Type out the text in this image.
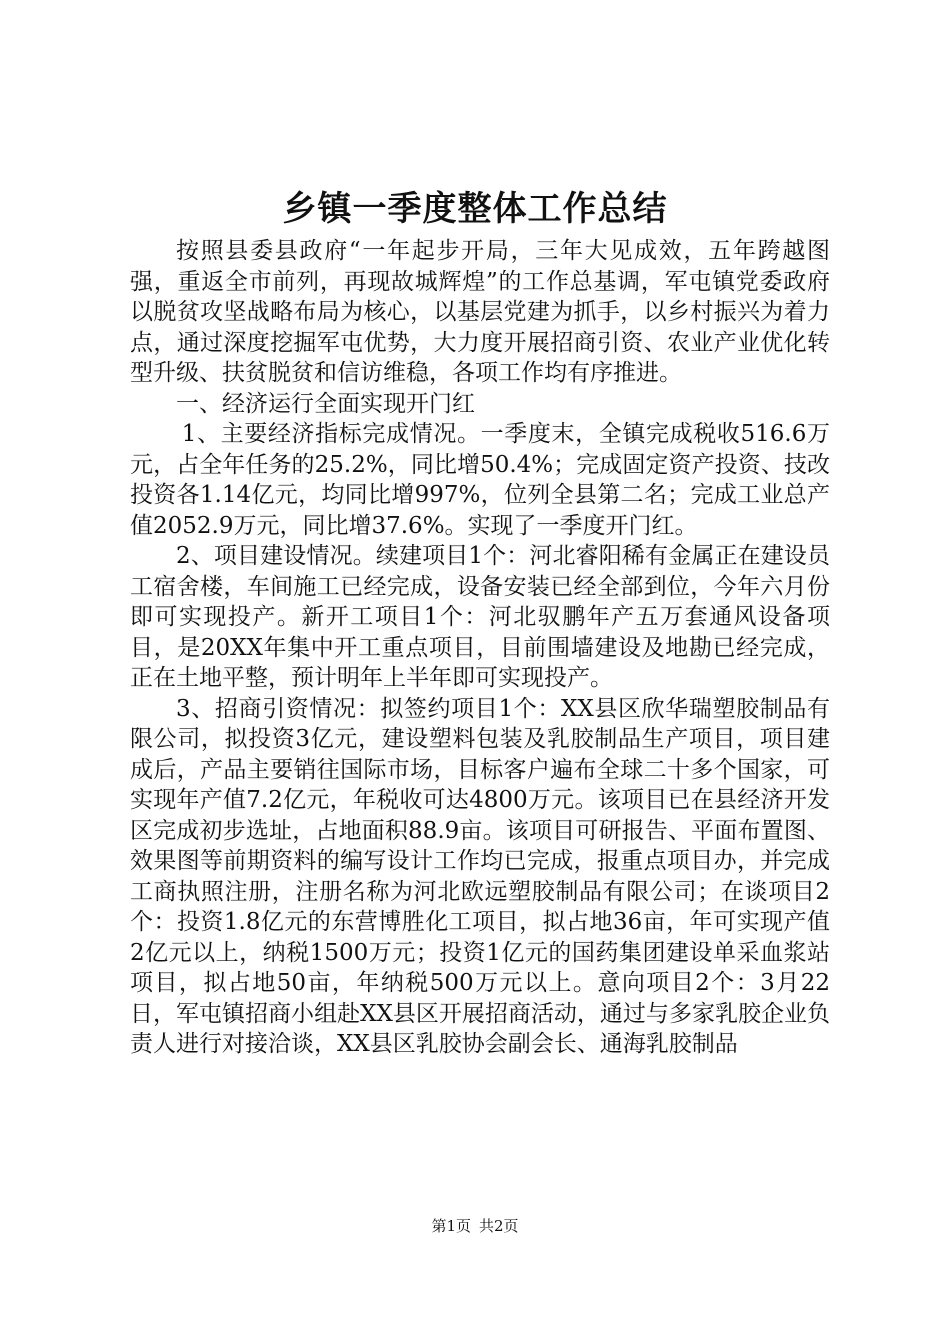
乡镇一季度整体工作总结

按照县委县政府“一年起步开局，三年大见成效，五年跨越图强，重返全市前列，再现故城辉煌”的工作总基调，军屯镇党委政府以脱贫攻坚战略布局为核心，以基层党建为抓手，以乡村振兴为着力点，通过深度挖掘军屯优势，大力度开展招商引资、农业产业优化转型升级、扶贫脱贫和信访维稳，各项工作均有序推进。

一、经济运行全面实现开门红

1、主要经济指标完成情况。一季度末，全镇完成税收516.6万元，占全年任务的25.2%，同比增50.4%；完成固定资产投资、技改投资各1.14亿元，均同比增997%，位列全县第二名；完成工业总产值2052.9万元，同比增37.6%。实现了一季度开门红。

2、项目建设情况。续建项目1个：河北睿阳稀有金属正在建设员工宿舍楼，车间施工已经完成，设备安装已经全部到位，今年六月份即可实现投产。新开工项目1个：河北驭鹏年产五万套通风设备项目，是20XX年集中开工重点项目，目前围墙建设及地勘已经完成，正在土地平整，预计明年上半年即可实现投产。

3、招商引资情况：拟签约项目1个：XX县区欣华瑞塑胶制品有限公司，拟投资3亿元，建设塑料包装及乳胶制品生产项目，项目建成后，产品主要销往国际市场，目标客户遍布全球二十多个国家，可实现年产值7.2亿元，年税收可达4800万元。该项目已在县经济开发区完成初步选址，占地面积88.9亩。该项目可研报告、平面布置图、效果图等前期资料的编写设计工作均已完成，报重点项目办，并完成工商执照注册，注册名称为河北欧远塑胶制品有限公司；在谈项目2个：投资1.8亿元的东营博胜化工项目，拟占地36亩，年可实现产值2亿元以上，纳税1500万元；投资1亿元的国药集团建设单采血浆站项目，拟占地50亩，年纳税500万元以上。意向项目2个：3月22日，军屯镇招商小组赴XX县区开展招商活动，通过与多家乳胶企业负责人进行对接洽谈，XX县区乳胶协会副会长、通海乳胶制品

第1页 共2页
